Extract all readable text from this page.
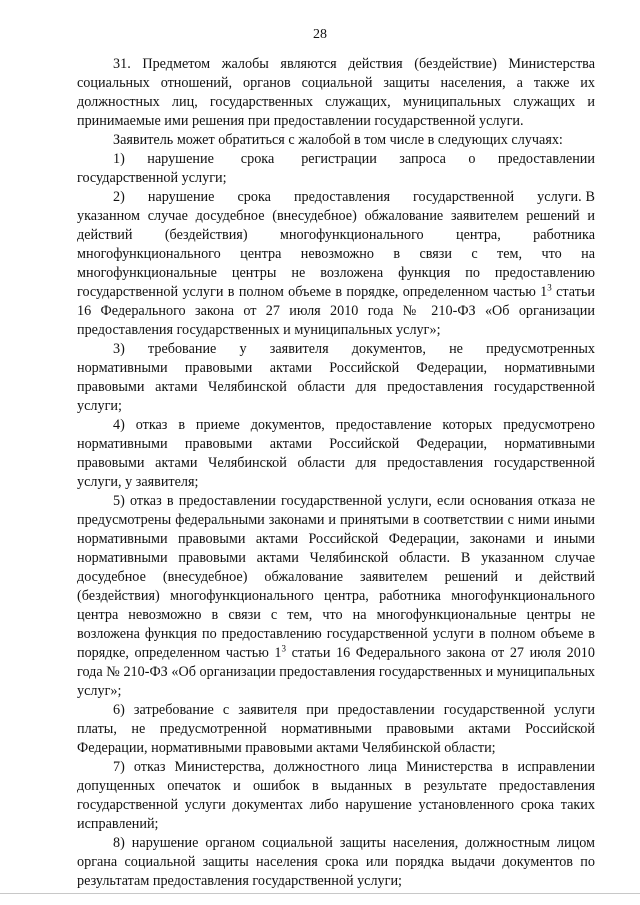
28

31. Предметом жалобы являются действия (бездействие) Министерства социальных отношений, органов социальной защиты населения, а также их должностных лиц, государственных служащих, муниципальных служащих и принимаемые ими решения при предоставлении государственной услуги.

Заявитель может обратиться с жалобой в том числе в следующих случаях:

1)     нарушение      срока      регистрации     запроса     о     предоставлении государственной услуги;

2)      нарушение      срока      предоставления      государственной      услуги. В указанном случае досудебное (внесудебное) обжалование заявителем решений и действий (бездействия) многофункционального центра, работника многофункционального центра невозможно в связи с тем, что на многофункциональные центры не возложена функция по предоставлению государственной услуги в полном объеме в порядке, определенном частью $1^3$ статьи 16 Федерального закона от 27 июля 2010 года № 210-ФЗ «Об организации предоставления государственных и муниципальных услуг»;

3)     требование     у     заявителя     документов,     не     предусмотренных нормативными правовыми актами Российской Федерации, нормативными правовыми актами Челябинской области для предоставления государственной услуги;

4) отказ в приеме документов, предоставление которых предусмотрено нормативными правовыми актами Российской Федерации, нормативными правовыми актами Челябинской области для предоставления государственной услуги, у заявителя;

5) отказ в предоставлении государственной услуги, если основания отказа не предусмотрены федеральными законами и принятыми в соответствии с ними иными нормативными правовыми актами Российской Федерации, законами и иными нормативными правовыми актами Челябинской области. В указанном случае досудебное (внесудебное) обжалование заявителем решений и действий (бездействия) многофункционального центра, работника многофункционального центра невозможно в связи с тем, что на многофункциональные центры не возложена функция по предоставлению государственной услуги в полном объеме в порядке, определенном частью $1^3$ статьи 16 Федерального закона от 27 июля 2010 года № 210-ФЗ «Об организации предоставления государственных и муниципальных услуг»;

6) затребование с заявителя при предоставлении государственной услуги платы, не предусмотренной нормативными правовыми актами Российской Федерации, нормативными правовыми актами Челябинской области;

7) отказ Министерства, должностного лица Министерства в исправлении допущенных опечаток и ошибок в выданных в результате предоставления государственной услуги документах либо нарушение установленного срока таких исправлений;

8) нарушение органом социальной защиты населения, должностным лицом органа социальной защиты населения срока или порядка выдачи документов по результатам предоставления государственной услуги;
